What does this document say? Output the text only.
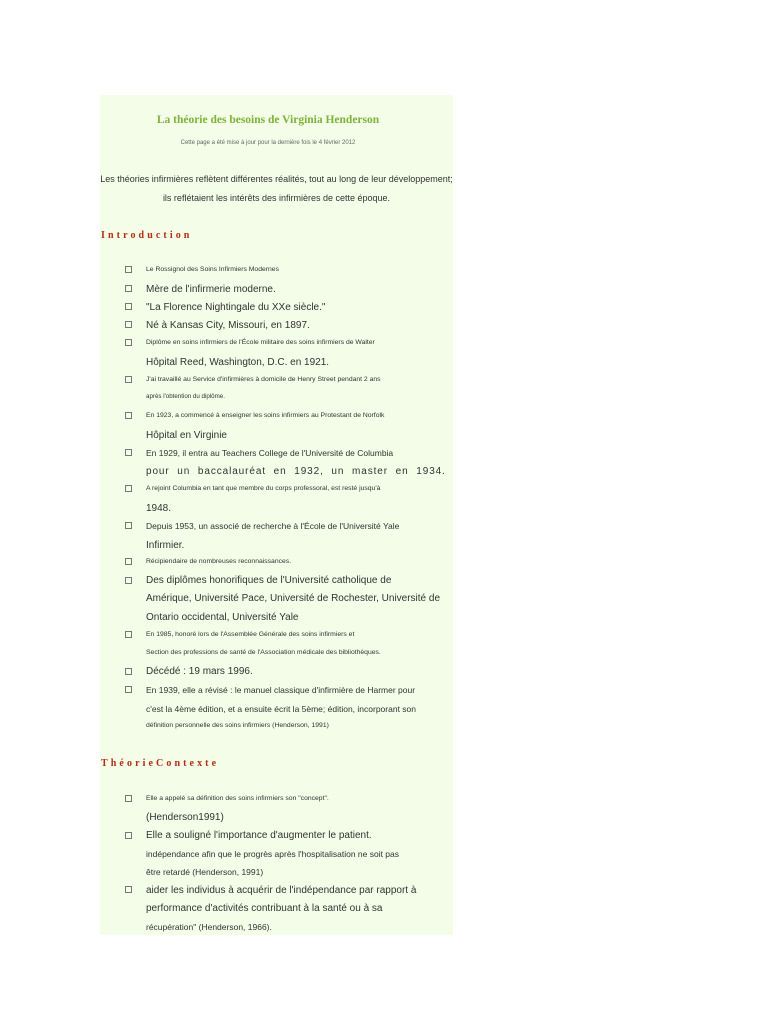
La théorie des besoins de Virginia Henderson
Cette page a été mise à jour pour la dernière fois le 4 février 2012
Les théories infirmières reflètent différentes réalités, tout au long de leur développement;
ils reflétaient les intérêts des infirmières de cette époque.
Introduction
Le Rossignol des Soins Infirmiers Modernes
Mère de l'infirmerie moderne.
"La Florence Nightingale du XXe siècle."
Né à Kansas City, Missouri, en 1897.
Diplôme en soins infirmiers de l'École militaire des soins infirmiers de Walter
Hôpital Reed, Washington, D.C. en 1921.
J'ai travaillé au Service d'infirmières à domicile de Henry Street pendant 2 ans
après l'obtention du diplôme.
En 1923, a commencé à enseigner les soins infirmiers au Protestant de Norfolk
Hôpital en Virginie
En 1929, il entra au Teachers College de l'Université de Columbia
pour un baccalauréat en 1932, un master en 1934.
A rejoint Columbia en tant que membre du corps professoral, est resté jusqu'à
1948.
Depuis 1953, un associé de recherche à l'École de l'Université Yale
Infirmier.
Récipiendaire de nombreuses reconnaissances.
Des diplômes honorifiques de l'Université catholique de
Amérique, Université Pace, Université de Rochester, Université de
Ontario occidental, Université Yale
En 1985, honoré lors de l'Assemblée Générale des soins infirmiers et
Section des professions de santé de l'Association médicale des bibliothèques.
Décédé : 19 mars 1996.
En 1939, elle a révisé : le manuel classique d'infirmière de Harmer pour
c'est la 4ème édition, et a ensuite écrit la 5ème; édition, incorporant son
définition personnelle des soins infirmiers (Henderson, 1991)
ThéorieContexte
Elle a appelé sa définition des soins infirmiers son "concept".
(Henderson1991)
Elle a souligné l'importance d'augmenter le patient.
indépendance afin que le progrès après l'hospitalisation ne soit pas
être retardé (Henderson, 1991)
aider les individus à acquérir de l'indépendance par rapport à
performance d'activités contribuant à la santé ou à sa
récupération" (Henderson, 1966).
